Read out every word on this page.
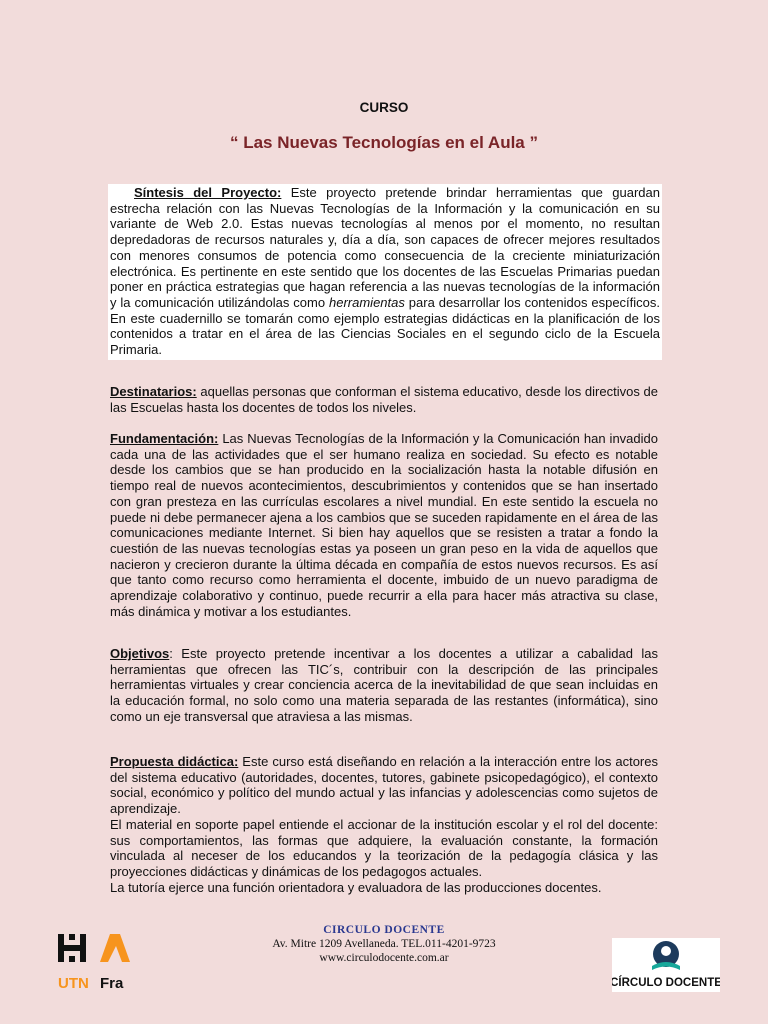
CURSO
“ Las Nuevas Tecnologías en el Aula ”
Síntesis del Proyecto: Este proyecto pretende brindar herramientas que guardan estrecha relación con las Nuevas Tecnologías de la Información y la comunicación en su variante de Web 2.0. Estas nuevas tecnologías al menos por el momento, no resultan depredadoras de recursos naturales y, día a día, son capaces de ofrecer mejores resultados con menores consumos de potencia como consecuencia de la creciente miniaturización electrónica. Es pertinente en este sentido que los docentes de las Escuelas Primarias puedan poner en práctica estrategias que hagan referencia a las nuevas tecnologías de la información y la comunicación utilizándolas como herramientas para desarrollar los contenidos específicos. En este cuadernillo se tomarán como ejemplo estrategias didácticas en la planificación de los contenidos a tratar en el área de las Ciencias Sociales en el segundo ciclo de la Escuela Primaria.
Destinatarios: aquellas personas que conforman el sistema educativo, desde los directivos de las Escuelas hasta los docentes de todos los niveles.
Fundamentación: Las Nuevas Tecnologías de la Información y la Comunicación han invadido cada una de las actividades que el ser humano realiza en sociedad. Su efecto es notable desde los cambios que se han producido en la socialización hasta la notable difusión en tiempo real de nuevos acontecimientos, descubrimientos y contenidos que se han insertado con gran presteza en las currículas escolares a nivel mundial. En este sentido la escuela no puede ni debe permanecer ajena a los cambios que se suceden rapidamente en el área de las comunicaciones mediante Internet. Si bien hay aquellos que se resisten a tratar a fondo la cuestión de las nuevas tecnologías estas ya poseen un gran peso en la vida de aquellos que nacieron y crecieron durante la última década en compañía de estos nuevos recursos. Es así que tanto como recurso como herramienta el docente, imbuido de un nuevo paradigma de aprendizaje colaborativo y continuo, puede recurrir a ella para hacer más atractiva su clase, más dinámica y motivar a los estudiantes.
Objetivos: Este proyecto pretende incentivar a los docentes a utilizar a cabalidad las herramientas que ofrecen las TIC´s, contribuir con la descripción de las principales herramientas virtuales y crear conciencia acerca de la inevitabilidad de que sean incluidas en la educación formal, no solo como una materia separada de las restantes (informática), sino como un eje transversal que atraviesa a las mismas.
Propuesta didáctica: Este curso está diseñando en relación a la interacción entre los actores del sistema educativo (autoridades, docentes, tutores, gabinete psicopedagógico), el contexto social, económico y político del mundo actual y las infancias y adolescencias como sujetos de aprendizaje.
El material en soporte papel entiende el accionar de la institución escolar y el rol del docente: sus comportamientos, las formas que adquiere, la evaluación constante, la formación vinculada al neceser de los educandos y la teorización de la pedagogía clásica y las proyecciones didácticas y dinámicas de los pedagogos actuales.
La tutoría ejerce una función orientadora y evaluadora de las producciones docentes.
UTN Fra
CIRCULO DOCENTE
Av. Mitre 1209 Avellaneda. TEL.011-4201-9723
www.circulodocente.com.ar
CÍRCULO DOCENTE
